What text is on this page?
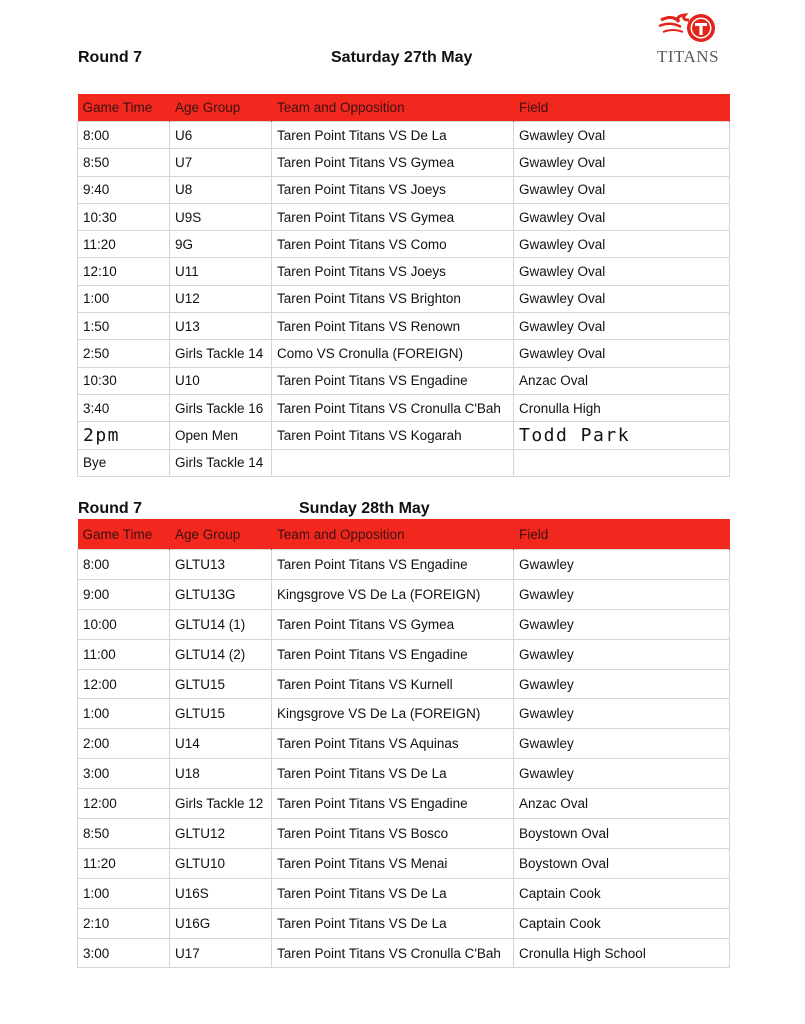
Round 7	Saturday 27th May	TITANS
Game Time	Age Group	Team and Opposition	Field
8:00	U6	Taren Point Titans VS De La	Gwawley Oval
8:50	U7	Taren Point Titans VS Gymea	Gwawley Oval
9:40	U8	Taren Point Titans VS Joeys	Gwawley Oval
10:30	U9S	Taren Point Titans VS Gymea	Gwawley Oval
11:20	9G	Taren Point Titans VS Como	Gwawley Oval
12:10	U11	Taren Point Titans VS Joeys	Gwawley Oval
1:00	U12	Taren Point Titans VS Brighton	Gwawley Oval
1:50	U13	Taren Point Titans VS Renown	Gwawley Oval
2:50	Girls Tackle 14	Como VS Cronulla (FOREIGN)	Gwawley Oval
10:30	U10	Taren Point Titans VS Engadine	Anzac Oval
3:40	Girls Tackle 16	Taren Point Titans VS Cronulla C'Bah	Cronulla High
2pm	Open Men	Taren Point Titans VS Kogarah	Todd Park
Bye	Girls Tackle 14		
Round 7	Sunday 28th May
Game Time	Age Group	Team and Opposition	Field
8:00	GLTU13	Taren Point Titans VS Engadine	Gwawley
9:00	GLTU13G	Kingsgrove VS De La (FOREIGN)	Gwawley
10:00	GLTU14 (1)	Taren Point Titans VS Gymea	Gwawley
11:00	GLTU14 (2)	Taren Point Titans VS Engadine	Gwawley
12:00	GLTU15	Taren Point Titans VS Kurnell	Gwawley
1:00	GLTU15	Kingsgrove VS De La (FOREIGN)	Gwawley
2:00	U14	Taren Point Titans VS Aquinas	Gwawley
3:00	U18	Taren Point Titans VS De La	Gwawley
12:00	Girls Tackle 12	Taren Point Titans VS Engadine	Anzac Oval
8:50	GLTU12	Taren Point Titans VS Bosco	Boystown Oval
11:20	GLTU10	Taren Point Titans VS Menai	Boystown Oval
1:00	U16S	Taren Point Titans VS De La	Captain Cook
2:10	U16G	Taren Point Titans VS De La	Captain Cook
3:00	U17	Taren Point Titans VS Cronulla C'Bah	Cronulla High School
